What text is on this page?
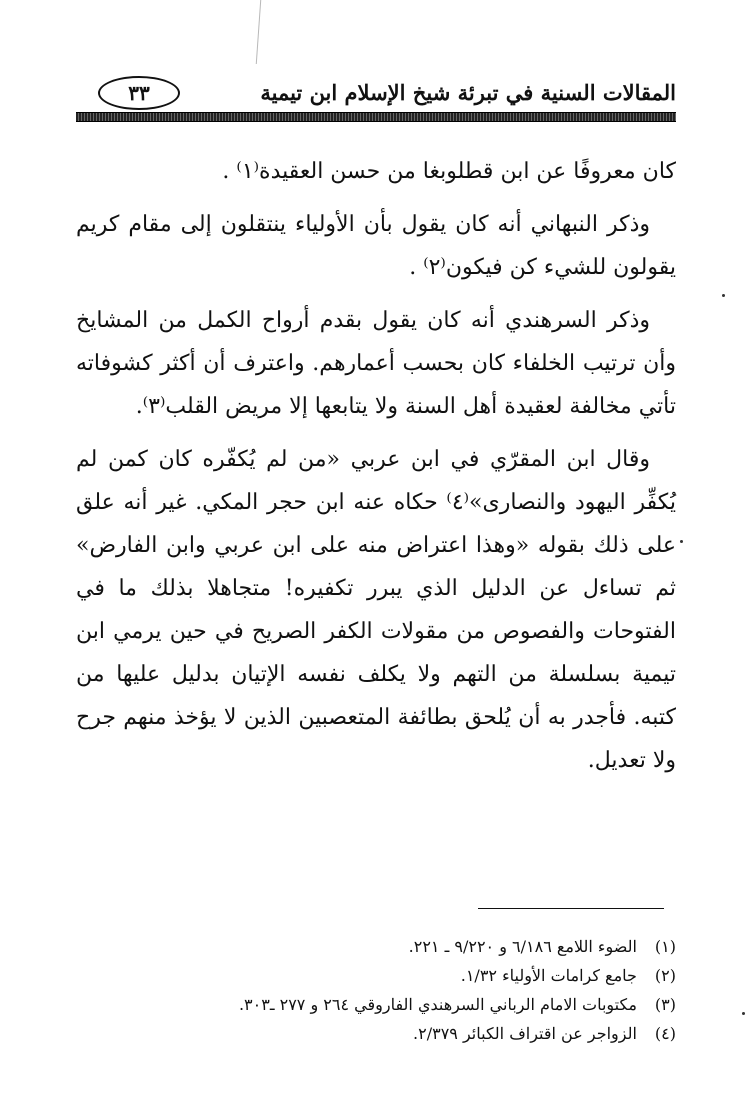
المقالات السنية في تبرئة شيخ الإسلام ابن تيمية
٣٣

كان معروفًا عن ابن قطلوبغا من حسن العقيدة⁽١⁾ .

وذكر النبهاني أنه كان يقول بأن الأولياء ينتقلون إلى مقام كريم يقولون للشيء كن فيكون⁽٢⁾ .

وذكر السرهندي أنه كان يقول بقدم أرواح الكمل من المشايخ وأن ترتيب الخلفاء كان بحسب أعمارهم. واعترف أن أكثر كشوفاته تأتي مخالفة لعقيدة أهل السنة ولا يتابعها إلا مريض القلب⁽٣⁾.

وقال ابن المقرّي في ابن عربي «من لم يُكفّره كان كمن لم يُكفِّر اليهود والنصارى»⁽٤⁾ حكاه عنه ابن حجر المكي. غير أنه علق على ذلك بقوله «وهذا اعتراض منه على ابن عربي وابن الفارض» ثم تساءل عن الدليل الذي يبرر تكفيره! متجاهلا بذلك ما في الفتوحات والفصوص من مقولات الكفر الصريح في حين يرمي ابن تيمية بسلسلة من التهم ولا يكلف نفسه الإتيان بدليل عليها من كتبه. فأجدر به أن يُلحق بطائفة المتعصبين الذين لا يؤخذ منهم جرح ولا تعديل.

(١) الضوء اللامع ٦/١٨٦ و ٩/٢٢٠ ـ ٢٢١.
(٢) جامع كرامات الأولياء ١/٣٢.
(٣) مكتوبات الامام الرباني السرهندي الفاروقي ٢٦٤ و ٢٧٧ ـ٣٠٣.
(٤) الزواجر عن اقتراف الكبائر ٢/٣٧٩.
